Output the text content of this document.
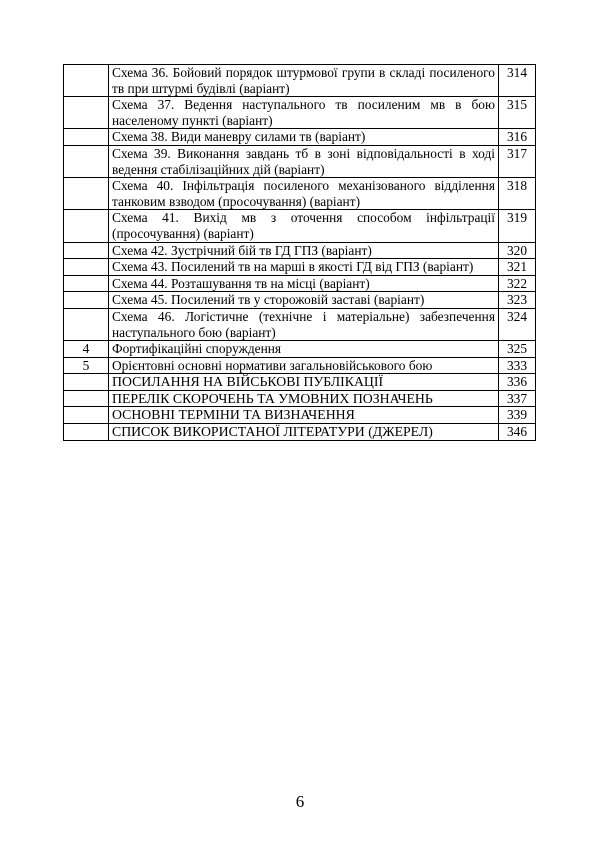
	Схема 36. Бойовий порядок штурмової групи в складі посиленого тв при штурмі будівлі (варіант)	314
	Схема 37. Ведення наступального тв посиленим мв в бою населеному пункті (варіант)	315
	Схема 38. Види маневру силами тв (варіант)	316
	Схема 39. Виконання завдань тб в зоні відповідальності в ході ведення стабілізаційних дій (варіант)	317
	Схема 40. Інфільтрація посиленого механізованого відділення танковим взводом (просочування) (варіант)	318
	Схема 41. Вихід мв з оточення способом інфільтрації (просочування) (варіант)	319
	Схема 42. Зустрічний бій тв ГД ГПЗ (варіант)	320
	Схема 43. Посилений тв на марші в якості ГД від ГПЗ (варіант)	321
	Схема 44. Розташування тв на місці (варіант)	322
	Схема 45. Посилений тв у сторожовій заставі (варіант)	323
	Схема 46. Логістичне (технічне і матеріальне) забезпечення наступального бою (варіант)	324
4	Фортифікаційні споруждення	325
5	Орієнтовні основні нормативи загальновійськового бою	333
	ПОСИЛАННЯ НА ВІЙСЬКОВІ ПУБЛІКАЦІЇ	336
	ПЕРЕЛІК СКОРОЧЕНЬ ТА УМОВНИХ ПОЗНАЧЕНЬ	337
	ОСНОВНІ ТЕРМІНИ ТА ВИЗНАЧЕННЯ	339
	СПИСОК ВИКОРИСТАНОЇ ЛІТЕРАТУРИ (ДЖЕРЕЛ)	346
6
